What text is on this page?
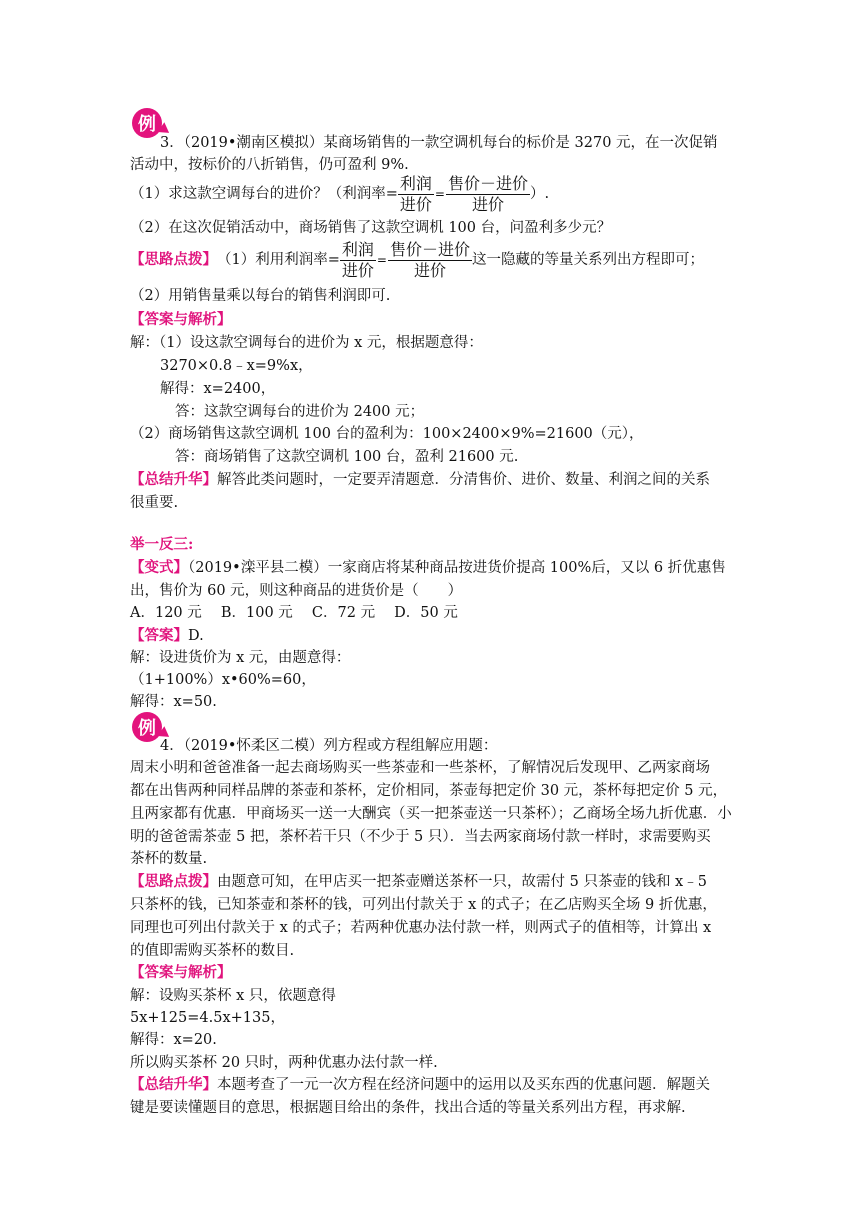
例
3．（2019•潮南区模拟）某商场销售的一款空调机每台的标价是 3270 元，在一次促销
活动中，按标价的八折销售，仍可盈利 9%.
（1）求这款空调每台的进价？（利润率= $\frac{\text{利润}}{\text{进价}} = \frac{\text{售价－进价}}{\text{进价}}$ ）.
（2）在这次促销活动中，商场销售了这款空调机 100 台，问盈利多少元？
【思路点拨】 （1）利用利润率= $\frac{\text{利润}}{\text{进价}} = \frac{\text{售价－进价}}{\text{进价}}$ 这一隐藏的等量关系列出方程即可；
（2）用销售量乘以每台的销售利润即可.
【答案与解析】
解：（1）设这款空调每台的进价为 x 元，根据题意得：
3270×0.8﹣x=9%x，
解得：x=2400，
答：这款空调每台的进价为 2400 元；
（2）商场销售这款空调机 100 台的盈利为：100×2400×9%=21600（元），
答：商场销售了这款空调机 100 台，盈利 21600 元.
【总结升华】解答此类问题时，一定要弄清题意．分清售价、进价、数量、利润之间的关系
很重要.
举一反三:
【变式】（2019•滦平县二模）一家商店将某种商品按进货价提高 100%后，又以 6 折优惠售
出，售价为 60 元，则这种商品的进货价是（　　）
A．120 元　 B．100 元　 C．72 元　 D．50 元
【答案】D.
解：设进货价为 x 元，由题意得：
（1+100%）x•60%=60，
解得：x=50.
例
4．（2019•怀柔区二模）列方程或方程组解应用题：
周末小明和爸爸准备一起去商场购买一些茶壶和一些茶杯，了解情况后发现甲、乙两家商场
都在出售两种同样品牌的茶壶和茶杯，定价相同，茶壶每把定价 30 元，茶杯每把定价 5 元，
且两家都有优惠．甲商场买一送一大酬宾（买一把茶壶送一只茶杯）；乙商场全场九折优惠．小
明的爸爸需茶壶 5 把，茶杯若干只（不少于 5 只）．当去两家商场付款一样时，求需要购买
茶杯的数量.
【思路点拨】由题意可知，在甲店买一把茶壶赠送茶杯一只，故需付 5 只茶壶的钱和 x﹣5
只茶杯的钱，已知茶壶和茶杯的钱，可列出付款关于 x 的式子；在乙店购买全场 9 折优惠，
同理也可列出付款关于 x 的式子；若两种优惠办法付款一样，则两式子的值相等，计算出 x
的值即需购买茶杯的数目.
【答案与解析】
解：设购买茶杯 x 只，依题意得
5x+125=4.5x+135，
解得：x=20.
所以购买茶杯 20 只时，两种优惠办法付款一样.
【总结升华】本题考查了一元一次方程在经济问题中的运用以及买东西的优惠问题．解题关
键是要读懂题目的意思，根据题目给出的条件，找出合适的等量关系列出方程，再求解.
